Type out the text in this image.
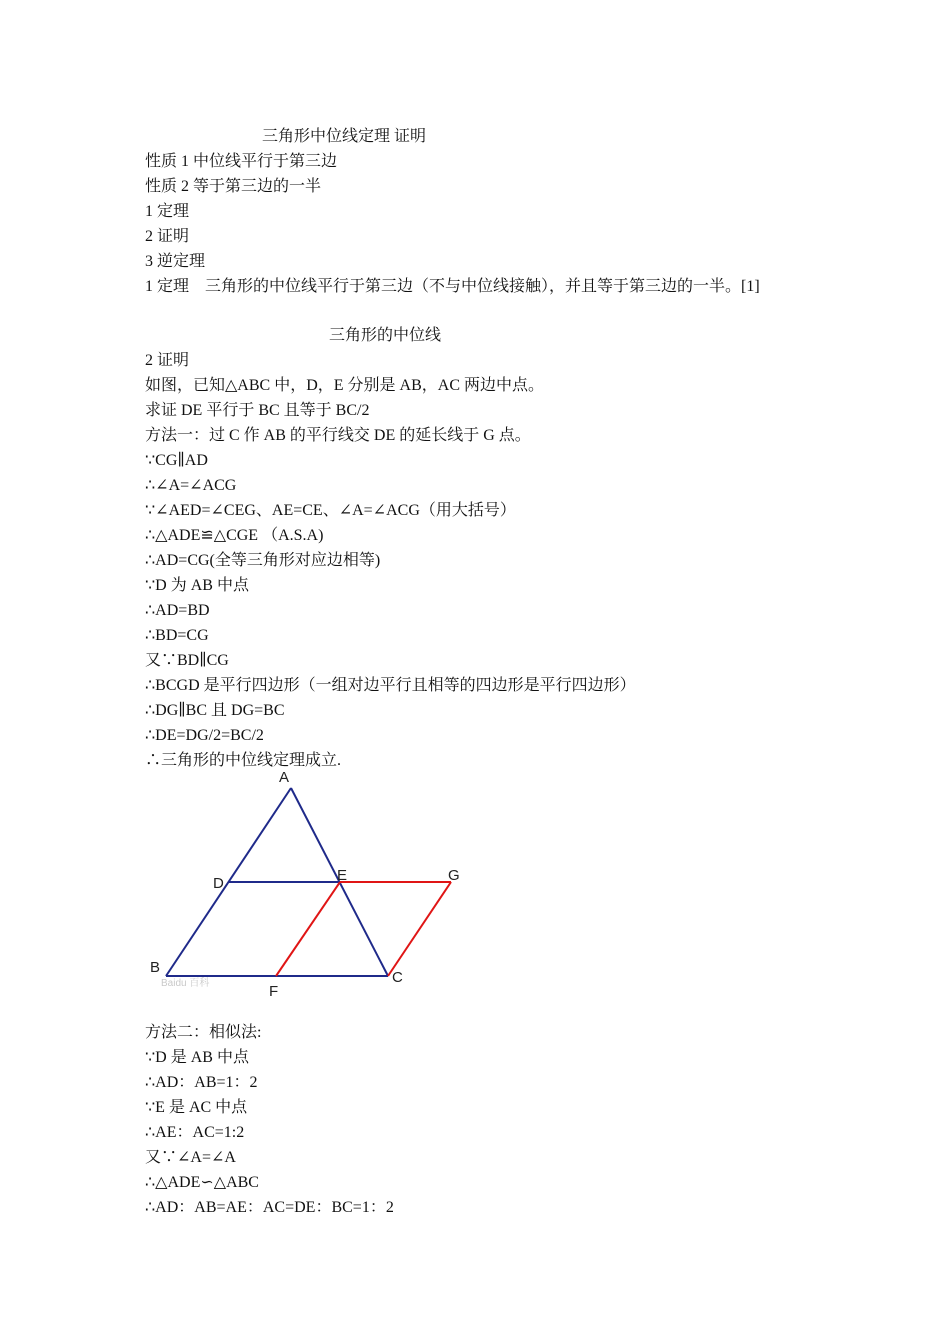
三角形中位线定理 证明
性质 1 中位线平行于第三边
性质 2 等于第三边的一半
1 定理
2 证明
3 逆定理
1 定理　三角形的中位线平行于第三边（不与中位线接触），并且等于第三边的一半。[1]
三角形的中位线
2 证明
如图，已知△ABC 中，D，E 分别是 AB，AC 两边中点。
求证 DE 平行于 BC 且等于 BC/2
方法一：过 C 作 AB 的平行线交 DE 的延长线于 G 点。
∵CG∥AD
∴∠A=∠ACG
∵∠AED=∠CEG、AE=CE、∠A=∠ACG（用大括号）
∴△ADE≌△CGE （A.S.A)
∴AD=CG(全等三角形对应边相等)
∵D 为 AB 中点
∴AD=BD
∴BD=CG
又∵BD∥CG
∴BCGD 是平行四边形（一组对边平行且相等的四边形是平行四边形）
∴DG∥BC 且 DG=BC
∴DE=DG/2=BC/2
∴三角形的中位线定理成立.
Baidu 百科
A
D	E	G
B
C
F
方法二：相似法:
∵D 是 AB 中点
∴AD：AB=1：2
∵E 是 AC 中点
∴AE：AC=1:2
又∵∠A=∠A
∴△ADE∽△ABC
∴AD：AB=AE：AC=DE：BC=1：2
